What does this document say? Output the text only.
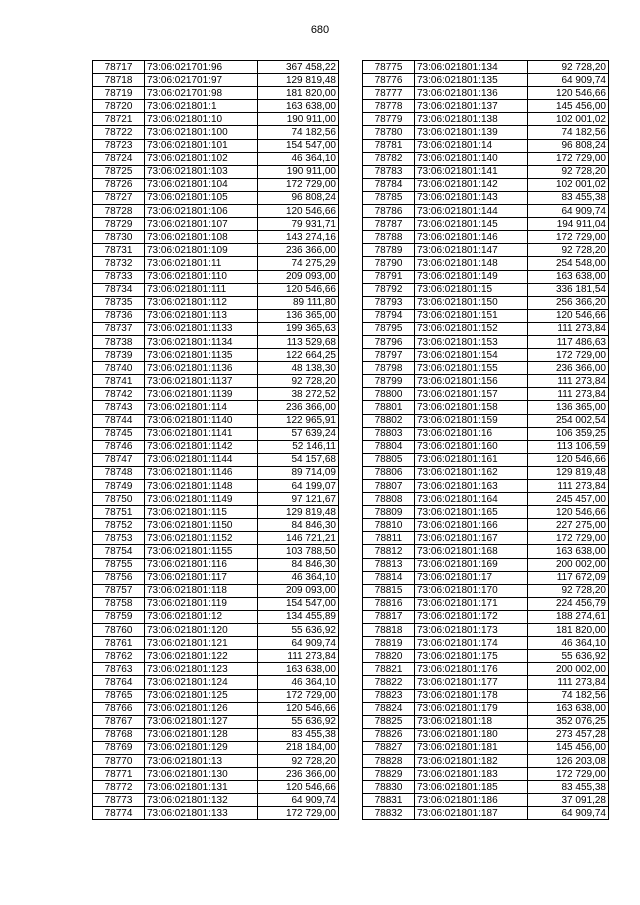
680
78717	73:06:021701:96	367 458,22
78718	73:06:021701:97	129 819,48
78719	73:06:021701:98	181 820,00
78720	73:06:021801:1	163 638,00
78721	73:06:021801:10	190 911,00
78722	73:06:021801:100	74 182,56
78723	73:06:021801:101	154 547,00
78724	73:06:021801:102	46 364,10
78725	73:06:021801:103	190 911,00
78726	73:06:021801:104	172 729,00
78727	73:06:021801:105	96 808,24
78728	73:06:021801:106	120 546,66
78729	73:06:021801:107	79 931,71
78730	73:06:021801:108	143 274,16
78731	73:06:021801:109	236 366,00
78732	73:06:021801:11	74 275,29
78733	73:06:021801:110	209 093,00
78734	73:06:021801:111	120 546,66
78735	73:06:021801:112	89 111,80
78736	73:06:021801:113	136 365,00
78737	73:06:021801:1133	199 365,63
78738	73:06:021801:1134	113 529,68
78739	73:06:021801:1135	122 664,25
78740	73:06:021801:1136	48 138,30
78741	73:06:021801:1137	92 728,20
78742	73:06:021801:1139	38 272,52
78743	73:06:021801:114	236 366,00
78744	73:06:021801:1140	122 965,91
78745	73:06:021801:1141	57 639,24
78746	73:06:021801:1142	52 146,11
78747	73:06:021801:1144	54 157,68
78748	73:06:021801:1146	89 714,09
78749	73:06:021801:1148	64 199,07
78750	73:06:021801:1149	97 121,67
78751	73:06:021801:115	129 819,48
78752	73:06:021801:1150	84 846,30
78753	73:06:021801:1152	146 721,21
78754	73:06:021801:1155	103 788,50
78755	73:06:021801:116	84 846,30
78756	73:06:021801:117	46 364,10
78757	73:06:021801:118	209 093,00
78758	73:06:021801:119	154 547,00
78759	73:06:021801:12	134 455,89
78760	73:06:021801:120	55 636,92
78761	73:06:021801:121	64 909,74
78762	73:06:021801:122	111 273,84
78763	73:06:021801:123	163 638,00
78764	73:06:021801:124	46 364,10
78765	73:06:021801:125	172 729,00
78766	73:06:021801:126	120 546,66
78767	73:06:021801:127	55 636,92
78768	73:06:021801:128	83 455,38
78769	73:06:021801:129	218 184,00
78770	73:06:021801:13	92 728,20
78771	73:06:021801:130	236 366,00
78772	73:06:021801:131	120 546,66
78773	73:06:021801:132	64 909,74
78774	73:06:021801:133	172 729,00
78775	73:06:021801:134	92 728,20
78776	73:06:021801:135	64 909,74
78777	73:06:021801:136	120 546,66
78778	73:06:021801:137	145 456,00
78779	73:06:021801:138	102 001,02
78780	73:06:021801:139	74 182,56
78781	73:06:021801:14	96 808,24
78782	73:06:021801:140	172 729,00
78783	73:06:021801:141	92 728,20
78784	73:06:021801:142	102 001,02
78785	73:06:021801:143	83 455,38
78786	73:06:021801:144	64 909,74
78787	73:06:021801:145	194 911,04
78788	73:06:021801:146	172 729,00
78789	73:06:021801:147	92 728,20
78790	73:06:021801:148	254 548,00
78791	73:06:021801:149	163 638,00
78792	73:06:021801:15	336 181,54
78793	73:06:021801:150	256 366,20
78794	73:06:021801:151	120 546,66
78795	73:06:021801:152	111 273,84
78796	73:06:021801:153	117 486,63
78797	73:06:021801:154	172 729,00
78798	73:06:021801:155	236 366,00
78799	73:06:021801:156	111 273,84
78800	73:06:021801:157	111 273,84
78801	73:06:021801:158	136 365,00
78802	73:06:021801:159	254 002,54
78803	73:06:021801:16	106 359,25
78804	73:06:021801:160	113 106,59
78805	73:06:021801:161	120 546,66
78806	73:06:021801:162	129 819,48
78807	73:06:021801:163	111 273,84
78808	73:06:021801:164	245 457,00
78809	73:06:021801:165	120 546,66
78810	73:06:021801:166	227 275,00
78811	73:06:021801:167	172 729,00
78812	73:06:021801:168	163 638,00
78813	73:06:021801:169	200 002,00
78814	73:06:021801:17	117 672,09
78815	73:06:021801:170	92 728,20
78816	73:06:021801:171	224 456,79
78817	73:06:021801:172	188 274,61
78818	73:06:021801:173	181 820,00
78819	73:06:021801:174	46 364,10
78820	73:06:021801:175	55 636,92
78821	73:06:021801:176	200 002,00
78822	73:06:021801:177	111 273,84
78823	73:06:021801:178	74 182,56
78824	73:06:021801:179	163 638,00
78825	73:06:021801:18	352 076,25
78826	73:06:021801:180	273 457,28
78827	73:06:021801:181	145 456,00
78828	73:06:021801:182	126 203,08
78829	73:06:021801:183	172 729,00
78830	73:06:021801:185	83 455,38
78831	73:06:021801:186	37 091,28
78832	73:06:021801:187	64 909,74
